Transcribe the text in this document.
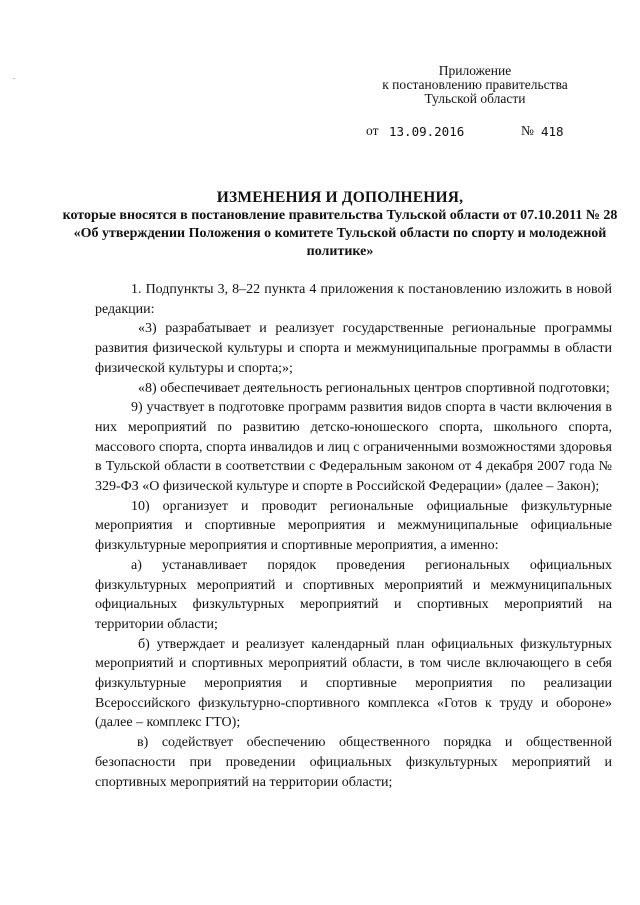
Приложение
к постановлению правительства
Тульской области
от 13.09.2016	№ 418
ИЗМЕНЕНИЯ И ДОПОЛНЕНИЯ,
которые вносятся в постановление правительства Тульской области от 07.10.2011 № 28 «Об утверждении Положения о комитете Тульской области по спорту и молодежной политике»

1. Подпункты 3, 8–22 пункта 4 приложения к постановлению изложить в новой редакции:

«3) разрабатывает и реализует государственные региональные программы развития физической культуры и спорта и межмуниципальные программы в области физической культуры и спорта;»;

«8) обеспечивает деятельность региональных центров спортивной подготовки;

9) участвует в подготовке программ развития видов спорта в части включения в них мероприятий по развитию детско-юношеского спорта, школьного спорта, массового спорта, спорта инвалидов и лиц с ограниченными возможностями здоровья в Тульской области в соответствии с Федеральным законом от 4 декабря 2007 года № 329-ФЗ «О физической культуре и спорте в Российской Федерации» (далее – Закон);

10) организует и проводит региональные официальные физкультурные мероприятия и спортивные мероприятия и межмуниципальные официальные физкультурные мероприятия и спортивные мероприятия, а именно:

а) устанавливает порядок проведения региональных официальных физкультурных мероприятий и спортивных мероприятий и межмуниципальных официальных физкультурных мероприятий и спортивных мероприятий на территории области;

б) утверждает и реализует календарный план официальных физкультурных мероприятий и спортивных мероприятий области, в том числе включающего в себя физкультурные мероприятия и спортивные мероприятия по реализации Всероссийского физкультурно-спортивного комплекса «Готов к труду и обороне» (далее – комплекс ГТО);

в) содействует обеспечению общественного порядка и общественной безопасности при проведении официальных физкультурных мероприятий и спортивных мероприятий на территории области;
